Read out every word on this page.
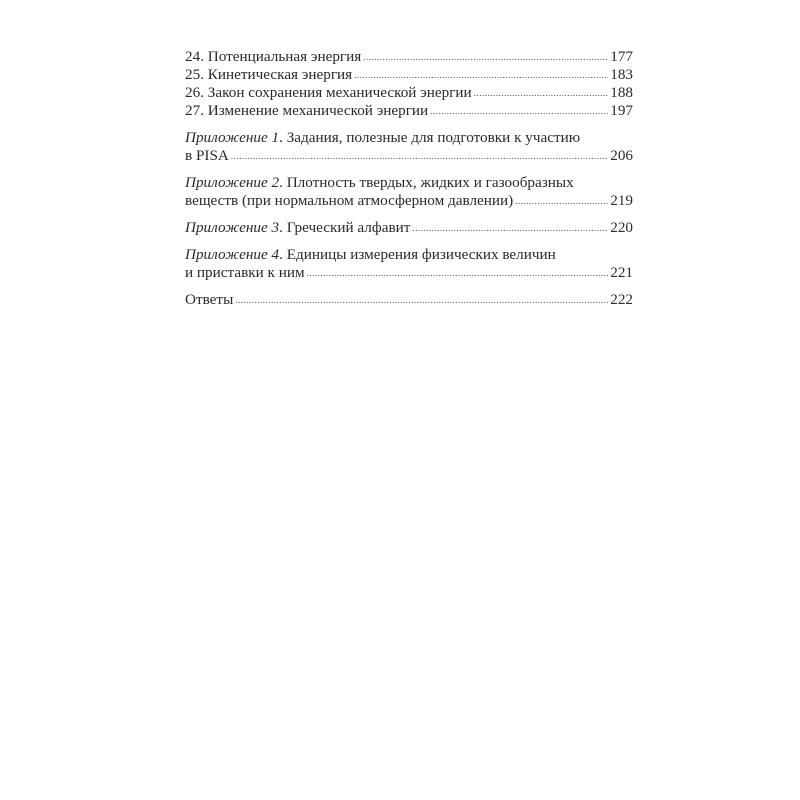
24. Потенциальная энергия .....	177
25. Кинетическая энергия .....	183
26. Закон сохранения механической энергии .....	188
27. Изменение механической энергии .....	197
Приложение 1. Задания, полезные для подготовки к участию
в PISA .....	206
Приложение 2. Плотность твердых, жидких и газообразных
веществ (при нормальном атмосферном давлении) .....	219
Приложение 3. Греческий алфавит .....	220
Приложение 4. Единицы измерения физических величин
и приставки к ним .....	221
Ответы .....	222
